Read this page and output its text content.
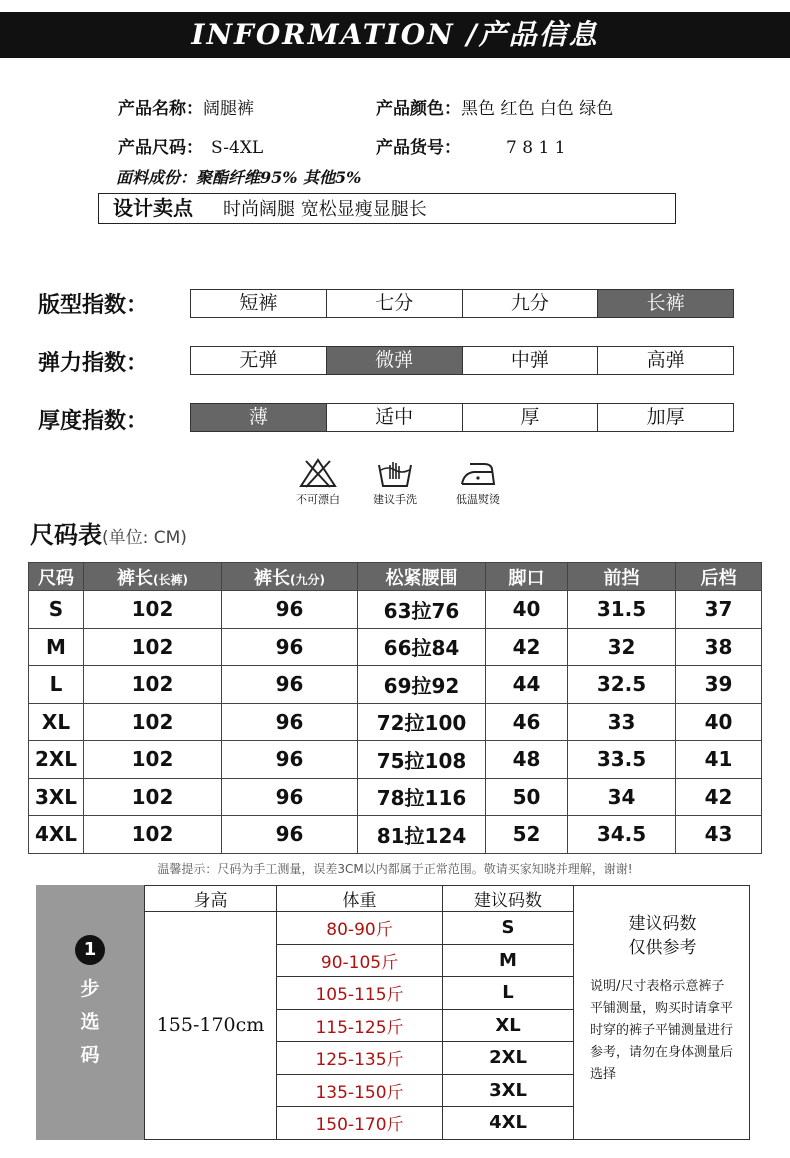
INFORMATION /产品信息
产品名称：阔腿裤	产品颜色：黑色 红色 白色 绿色
产品尺码： S-4XL	产品货号：	7 8 1 1
面料成份：聚酯纤维95% 其他5%
设计卖点 时尚阔腿 宽松显瘦显腿长
版型指数：	短裤	七分	九分	长裤
弹力指数：	无弹	微弹	中弹	高弹
厚度指数：	薄	适中	厚	加厚
不可漂白	建议手洗	低温熨烫
尺码表(单位: CM)
尺码	裤长(长裤)	裤长(九分)	松紧腰围	脚口	前挡	后档
S	102	96	63拉76	40	31.5	37
M	102	96	66拉84	42	32	38
L	102	96	69拉92	44	32.5	39
XL	102	96	72拉100	46	33	40
2XL	102	96	75拉108	48	33.5	41
3XL	102	96	78拉116	50	34	42
4XL	102	96	81拉124	52	34.5	43
温馨提示：尺码为手工测量，误差3CM以内都属于正常范围。敬请买家知晓并理解，谢谢!
1
步
选
码
身高	体重	建议码数
155-170cm	80-90斤	S
	90-105斤	M
	105-115斤	L
	115-125斤	XL
	125-135斤	2XL
	135-150斤	3XL
	150-170斤	4XL
建议码数
仅供参考
说明/尺寸表格示意裤子平铺测量，购买时请拿平时穿的裤子平铺测量进行参考，请勿在身体测量后选择
